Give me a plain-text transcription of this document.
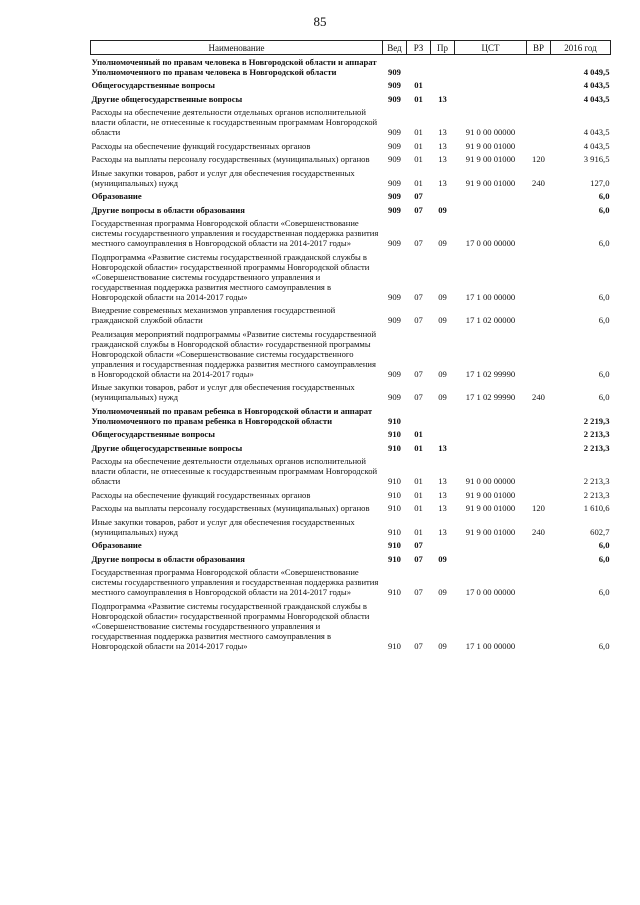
85
Наименование	Вед	РЗ	Пр	ЦСТ	ВР	2016 год
Уполномоченный по правам человека в Новгородской области и аппарат Уполномоченного по правам человека в Новгородской области	909					4 049,5
Общегосударственные вопросы	909	01				4 043,5
Другие общегосударственные вопросы	909	01	13			4 043,5
Расходы на обеспечение деятельности отдельных органов исполнительной власти области, не отнесенные к государственным программам Новгородской области	909	01	13	91 0 00 00000		4 043,5
Расходы на обеспечение функций государственных органов	909	01	13	91 9 00 01000		4 043,5
Расходы на выплаты персоналу государственных (муниципальных) органов	909	01	13	91 9 00 01000	120	3 916,5
Иные закупки товаров, работ и услуг для обеспечения государственных (муниципальных) нужд	909	01	13	91 9 00 01000	240	127,0
Образование	909	07				6,0
Другие вопросы в области образования	909	07	09			6,0
Государственная программа Новгородской области «Совершенствование системы государственного управления и государственная поддержка развития местного самоуправления в Новгородской области на 2014-2017 годы»	909	07	09	17 0 00 00000		6,0
Подпрограмма «Развитие системы государственной гражданской службы в Новгородской области» государственной программы Новгородской области «Совершенствование системы государственного управления и государственная поддержка развития местного самоуправления в Новгородской области на 2014-2017 годы»	909	07	09	17 1 00 00000		6,0
Внедрение современных механизмов управления государственной гражданской службой области	909	07	09	17 1 02 00000		6,0
Реализация мероприятий подпрограммы «Развитие системы государственной гражданской службы в Новгородской области» государственной программы Новгородской области «Совершенствование системы государственного управления и государственная поддержка развития местного самоуправления в Новгородской области на 2014-2017 годы»	909	07	09	17 1 02 99990		6,0
Иные закупки товаров, работ и услуг для обеспечения государственных (муниципальных) нужд	909	07	09	17 1 02 99990	240	6,0
Уполномоченный по правам ребенка в Новгородской области и аппарат Уполномоченного по правам ребенка в Новгородской области	910					2 219,3
Общегосударственные вопросы	910	01				2 213,3
Другие общегосударственные вопросы	910	01	13			2 213,3
Расходы на обеспечение деятельности отдельных органов исполнительной власти области, не отнесенные к государственным программам Новгородской области	910	01	13	91 0 00 00000		2 213,3
Расходы на обеспечение функций государственных органов	910	01	13	91 9 00 01000		2 213,3
Расходы на выплаты персоналу государственных (муниципальных) органов	910	01	13	91 9 00 01000	120	1 610,6
Иные закупки товаров, работ и услуг для обеспечения государственных (муниципальных) нужд	910	01	13	91 9 00 01000	240	602,7
Образование	910	07				6,0
Другие вопросы в области образования	910	07	09			6,0
Государственная программа Новгородской области «Совершенствование системы государственного управления и государственная поддержка развития местного самоуправления в Новгородской области на 2014-2017 годы»	910	07	09	17 0 00 00000		6,0
Подпрограмма «Развитие системы государственной гражданской службы в Новгородской области» государственной программы Новгородской области «Совершенствование системы государственного управления и государственная поддержка развития местного самоуправления в Новгородской области на 2014-2017 годы»	910	07	09	17 1 00 00000		6,0
